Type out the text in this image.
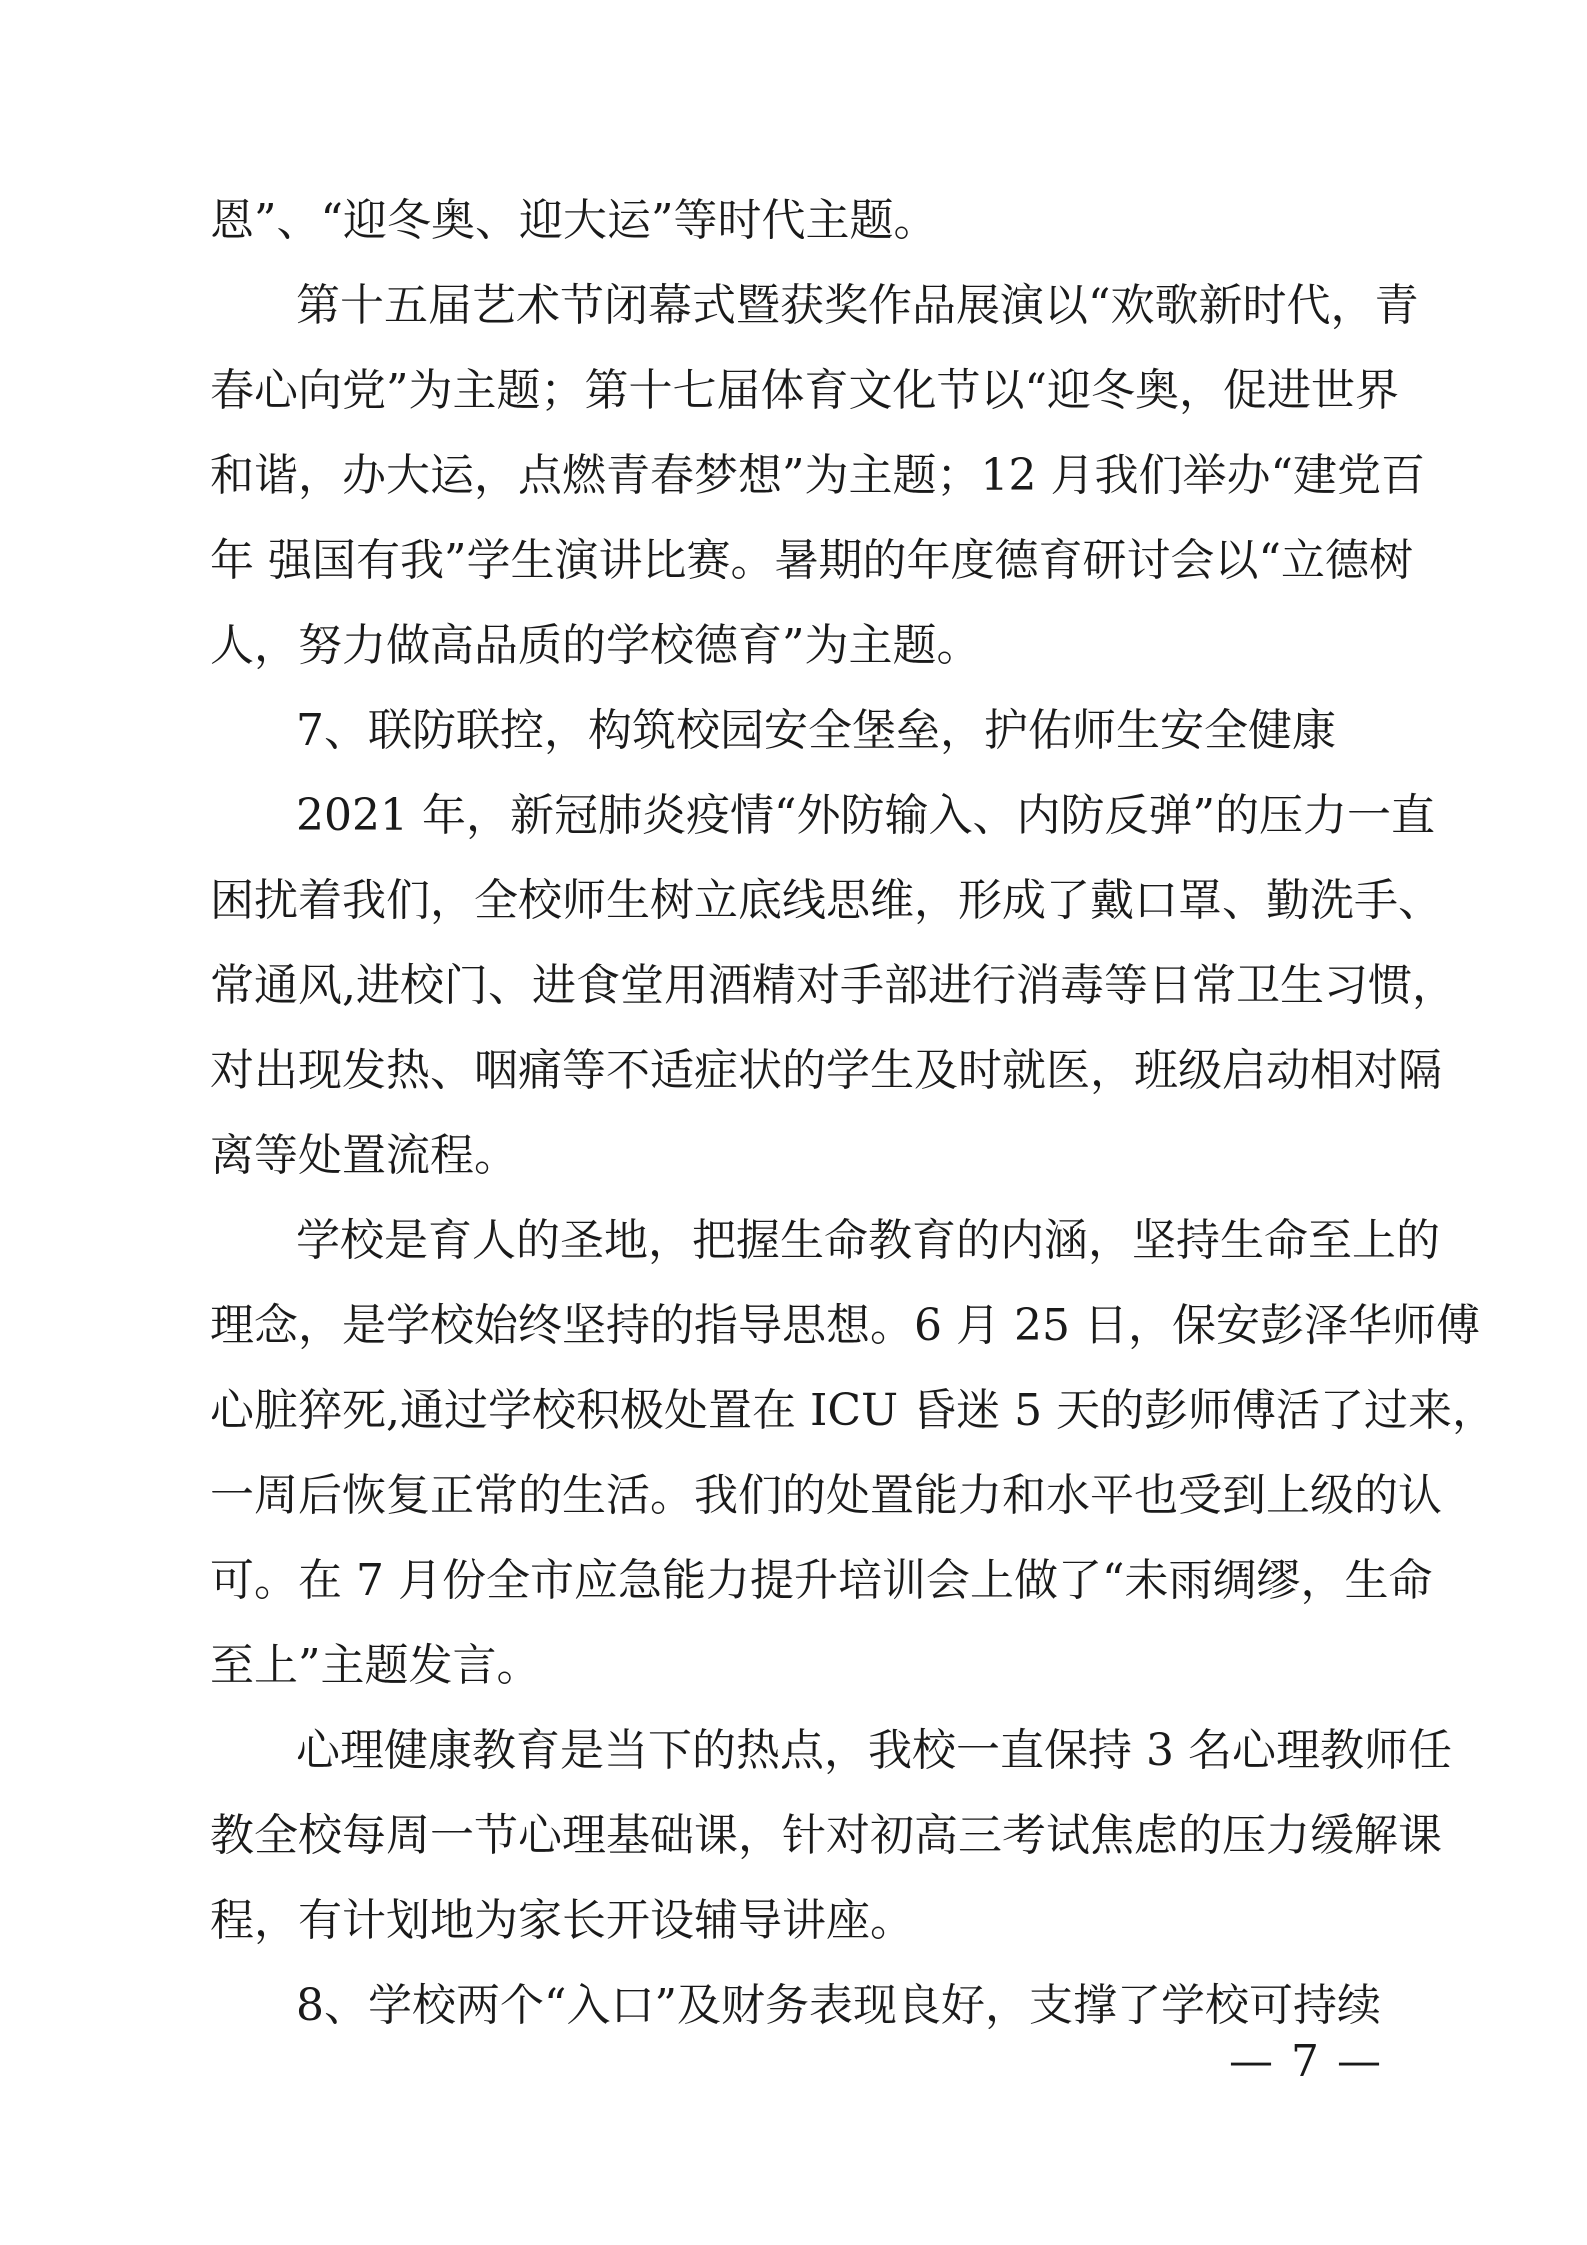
恩”、“迎冬奥、迎大运”等时代主题。
第十五届艺术节闭幕式暨获奖作品展演以“欢歌新时代，青
春心向党”为主题；第十七届体育文化节以“迎冬奥，促进世界
和谐，办大运，点燃青春梦想”为主题；12 月我们举办“建党百
年 强国有我”学生演讲比赛。暑期的年度德育研讨会以“立德树
人，努力做高品质的学校德育”为主题。
7、联防联控，构筑校园安全堡垒，护佑师生安全健康
2021 年，新冠肺炎疫情“外防输入、内防反弹”的压力一直
困扰着我们，全校师生树立底线思维，形成了戴口罩、勤洗手、
常通风,进校门、进食堂用酒精对手部进行消毒等日常卫生习惯，
对出现发热、咽痛等不适症状的学生及时就医，班级启动相对隔
离等处置流程。
学校是育人的圣地，把握生命教育的内涵，坚持生命至上的
理念，是学校始终坚持的指导思想。6 月 25 日，保安彭泽华师傅
心脏猝死,通过学校积极处置在 ICU 昏迷 5 天的彭师傅活了过来，
一周后恢复正常的生活。我们的处置能力和水平也受到上级的认
可。在 7 月份全市应急能力提升培训会上做了“未雨绸缪，生命
至上”主题发言。
心理健康教育是当下的热点，我校一直保持 3 名心理教师任
教全校每周一节心理基础课，针对初高三考试焦虑的压力缓解课
程，有计划地为家长开设辅导讲座。
8、学校两个“入口”及财务表现良好，支撑了学校可持续
— 7 —
